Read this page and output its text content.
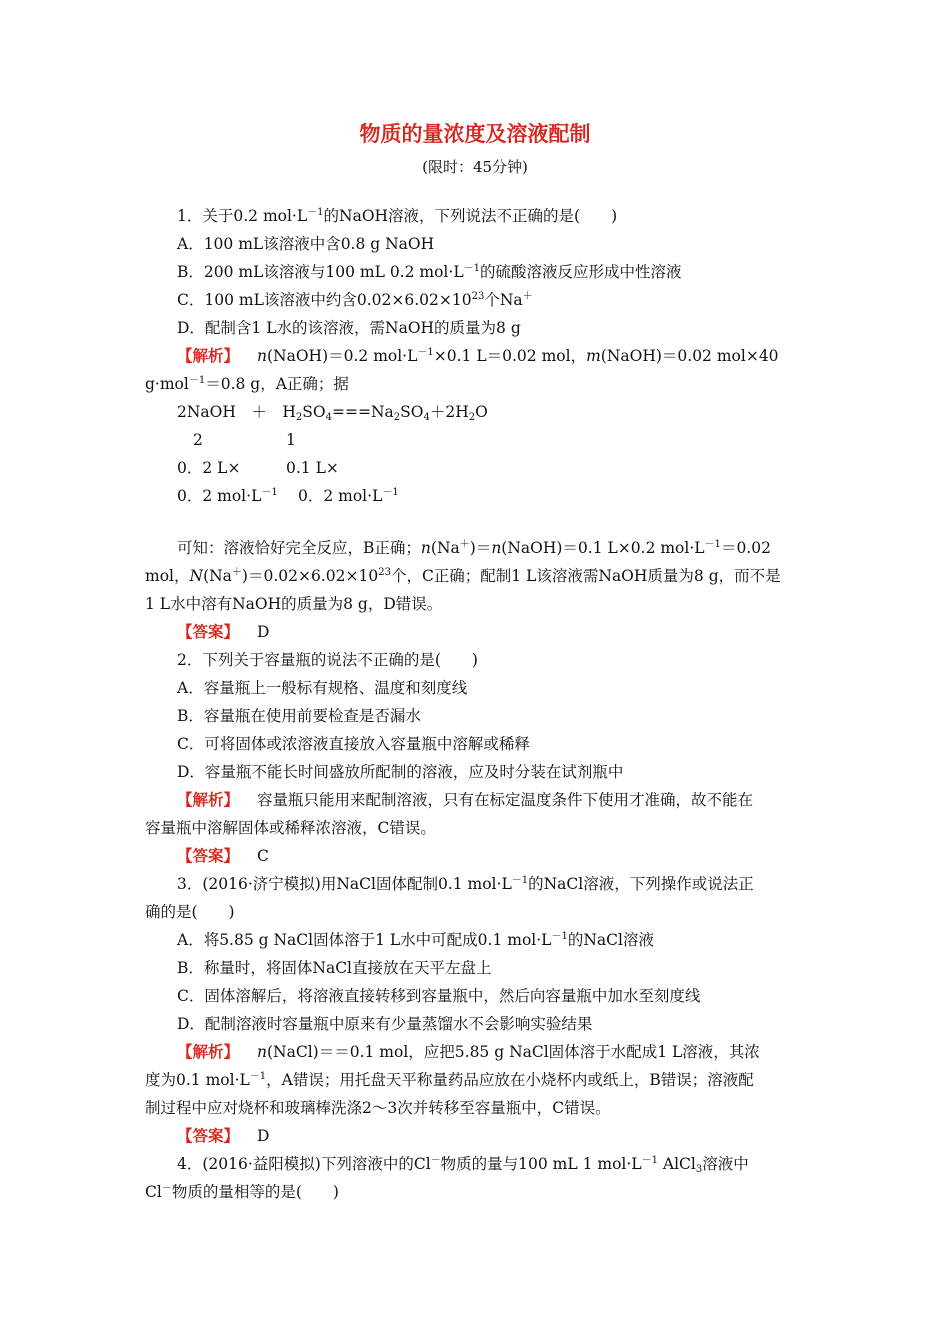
物质的量浓度及溶液配制
(限时：45分钟)
1．关于0.2 $mol\cdot L^{-1}$的NaOH溶液，下列说法不正确的是(　　)
A．100 mL该溶液中含0.8 g NaOH
B．200 mL该溶液与100 mL 0.2 $mol\cdot L^{-1}$的硫酸溶液反应形成中性溶液
C．100 mL该溶液中约含$0.02\times 6.02\times 10^{23}$个Na＋
D．配制含1 L水的该溶液，需NaOH的质量为8 g
【解析】 n(NaOH)＝0.2 $mol\cdot L^{-1}\times 0.1$ L＝0.02 mol，m(NaOH)＝0.02 mol×40
g·mol$^{-1}$＝0.8 g，A正确；据
2NaOH　＋　$H_2SO_4===Na_2SO_4+2H_2O$
2	1
0．2 L×	0.1 L×
0．2 $mol\cdot L^{-1}$ 0．2 $mol\cdot L^{-1}$
可知：溶液恰好完全反应，B正确；n(Na＋)＝n(NaOH)＝0.1 L×0.2 $mol\cdot L^{-1}=0.02$
mol，$N(Na^+)=0.02\times 6.02\times 10^{23}$个，C正确；配制1 L该溶液需NaOH质量为8 g，而不是
1 L水中溶有NaOH的质量为8 g，D错误。
【答案】 D
2．下列关于容量瓶的说法不正确的是(　　)
A．容量瓶上一般标有规格、温度和刻度线
B．容量瓶在使用前要检查是否漏水
C．可将固体或浓溶液直接放入容量瓶中溶解或稀释
D．容量瓶不能长时间盛放所配制的溶液，应及时分装在试剂瓶中
【解析】 容量瓶只能用来配制溶液，只有在标定温度条件下使用才准确，故不能在
容量瓶中溶解固体或稀释浓溶液，C错误。
【答案】 C
3．(2016·济宁模拟)用NaCl固体配制0.1 $mol\cdot L^{-1}$的NaCl溶液，下列操作或说法正
确的是(　　)
A．将5.85 g NaCl固体溶于1 L水中可配成0.1 $mol\cdot L^{-1}$的NaCl溶液
B．称量时，将固体NaCl直接放在天平左盘上
C．固体溶解后，将溶液直接转移到容量瓶中，然后向容量瓶中加水至刻度线
D．配制溶液时容量瓶中原来有少量蒸馏水不会影响实验结果
【解析】 n(NaCl)＝＝0.1 mol，应把5.85 g NaCl固体溶于水配成1 L溶液，其浓
度为0.1 $mol\cdot L^{-1}$，A错误；用托盘天平称量药品应放在小烧杯内或纸上，B错误；溶液配
制过程中应对烧杯和玻璃棒洗涤2～3次并转移至容量瓶中，C错误。
【答案】 D
4．(2016·益阳模拟)下列溶液中的Cl－物质的量与100 mL 1 $mol\cdot L^{-1}$ AlCl$_3$溶液中
Cl－物质的量相等的是(　　)
